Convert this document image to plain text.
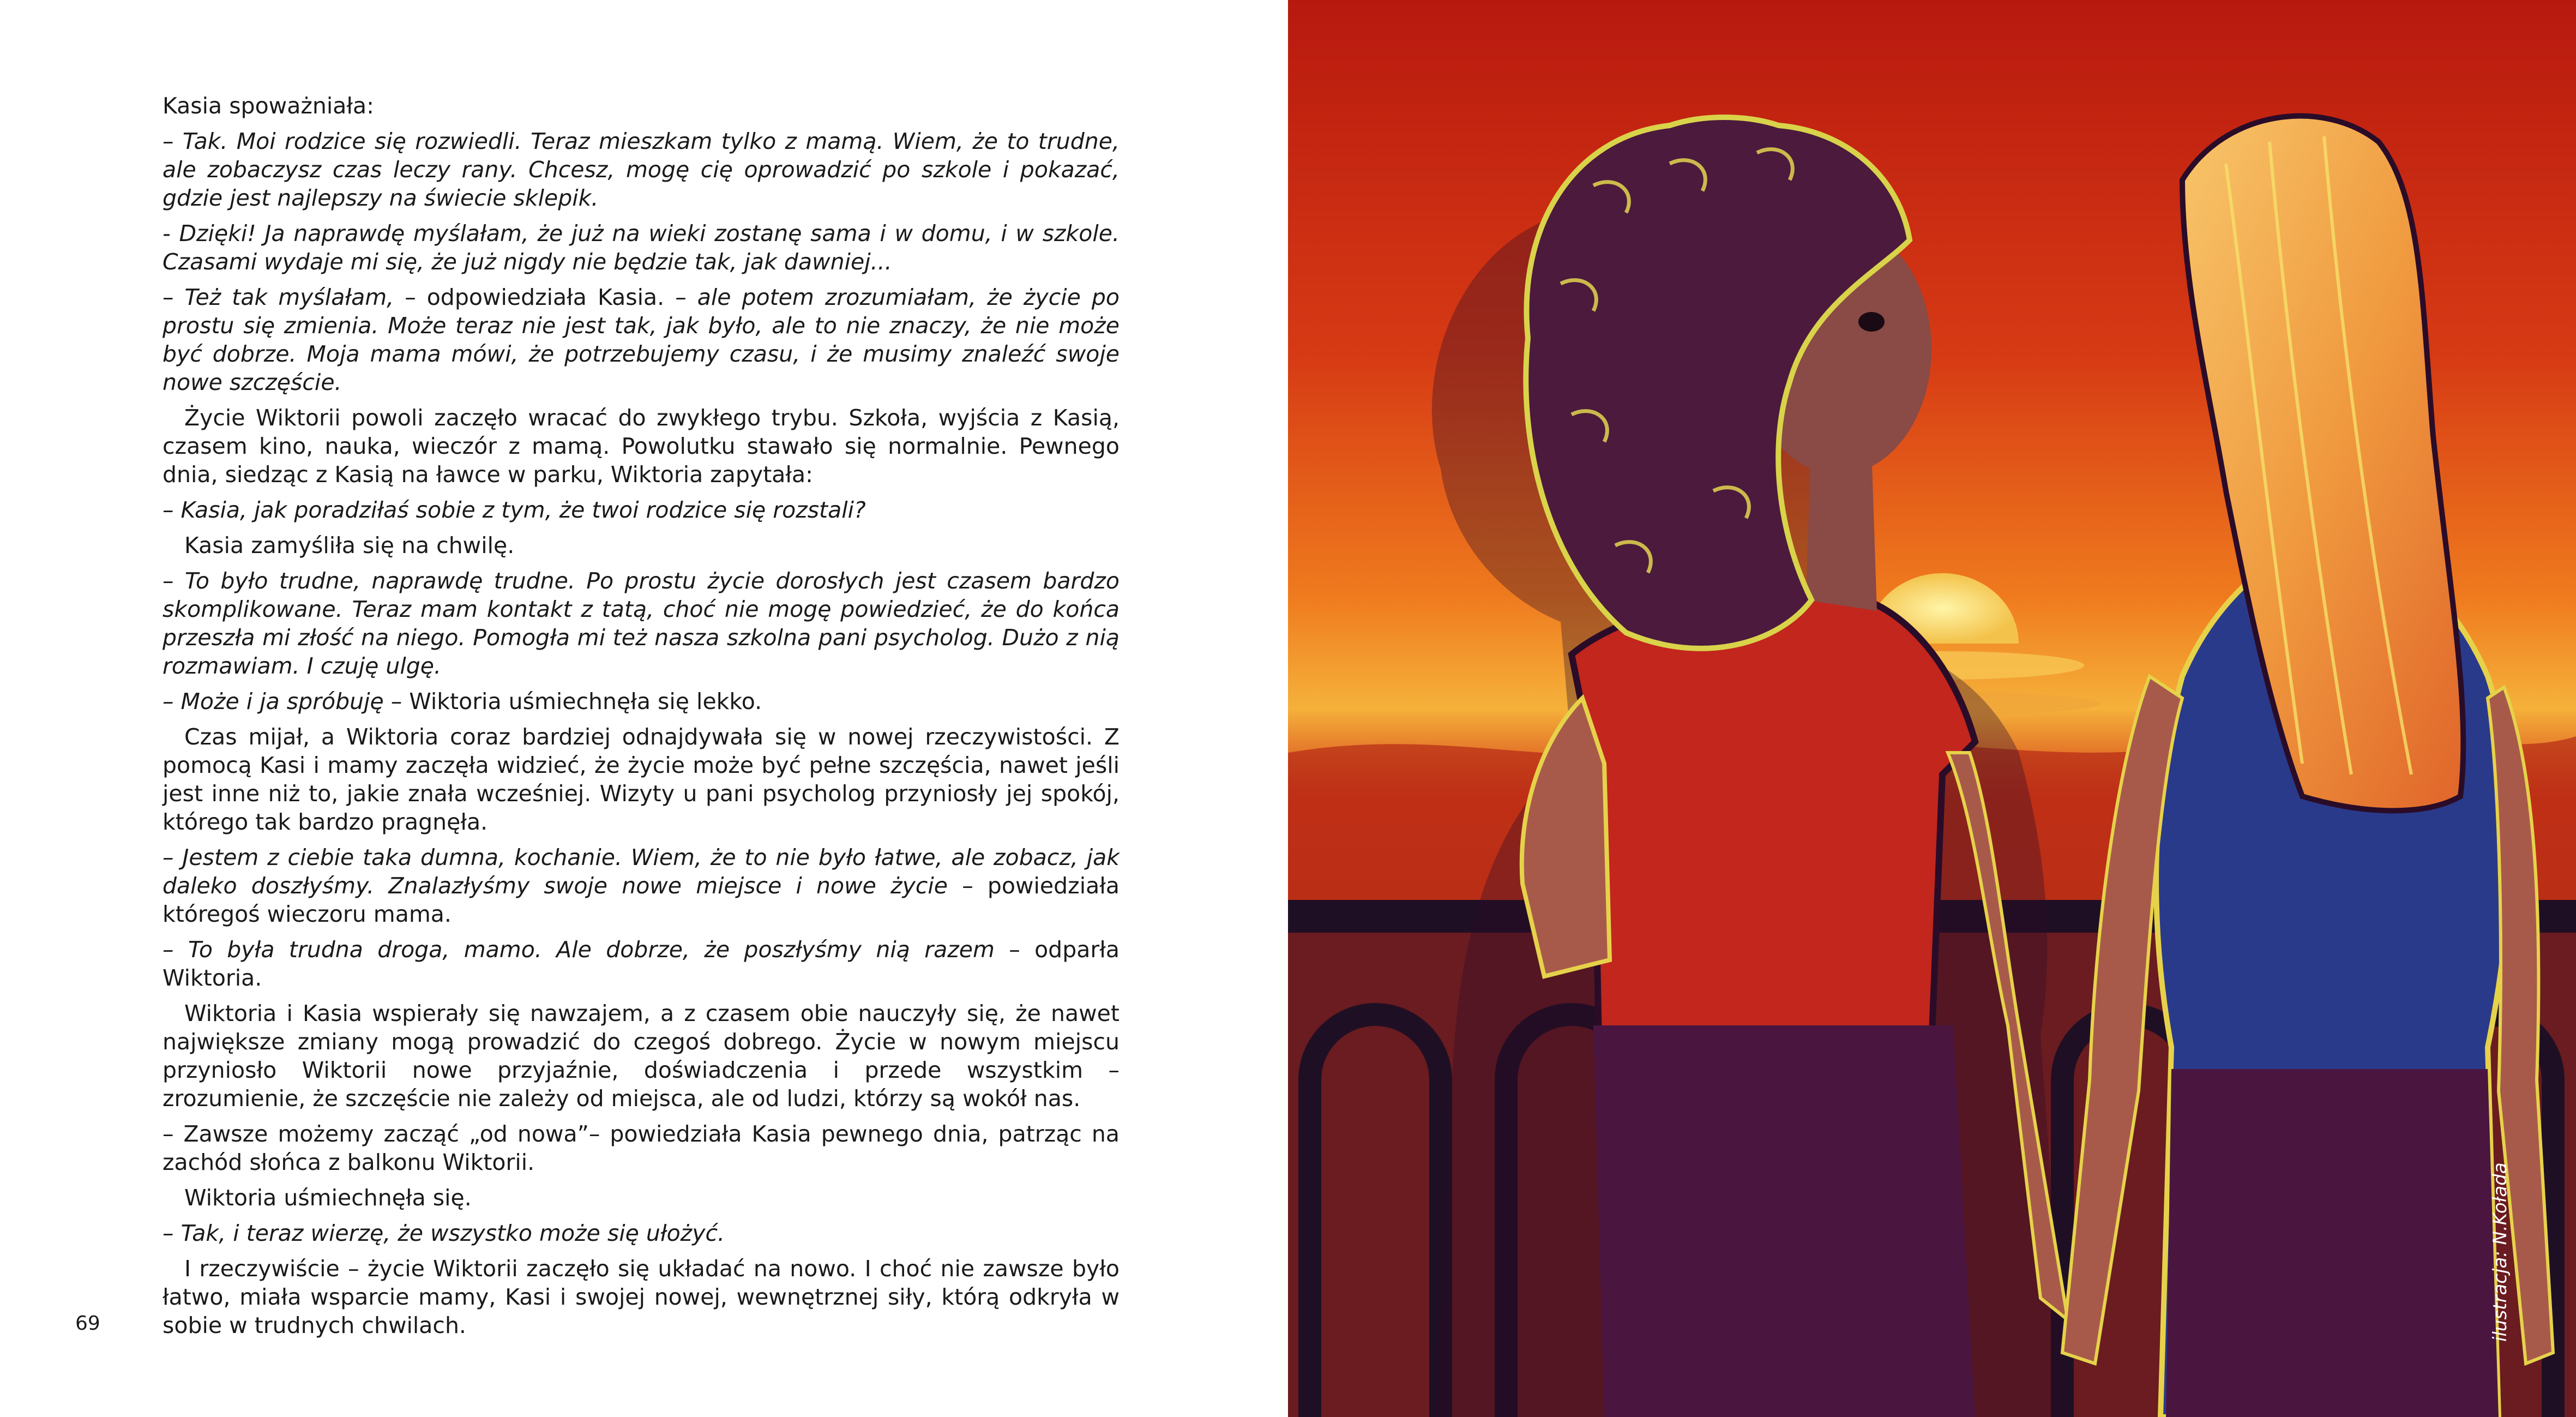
Kasia spoważniała:

– Tak. Moi rodzice się rozwiedli. Teraz mieszkam tylko z mamą. Wiem, że to trudne, ale zobaczysz czas leczy rany. Chcesz, mogę cię oprowadzić po szkole i pokazać, gdzie jest najlepszy na świecie sklepik.

- Dzięki! Ja naprawdę myślałam, że już na wieki zostanę sama i w domu, i w szkole. Czasami wydaje mi się, że już nigdy nie będzie tak, jak dawniej...

– Też tak myślałam, – odpowiedziała Kasia. – ale potem zrozumiałam, że życie po prostu się zmienia. Może teraz nie jest tak, jak było, ale to nie znaczy, że nie może być dobrze. Moja mama mówi, że potrzebujemy czasu, i że musimy znaleźć swoje nowe szczęście.

Życie Wiktorii powoli zaczęło wracać do zwykłego trybu. Szkoła, wyjścia z Kasią, czasem kino, nauka, wieczór z mamą. Powolutku stawało się normalnie. Pewnego dnia, siedząc z Kasią na ławce w parku, Wiktoria zapytała:

– Kasia, jak poradziłaś sobie z tym, że twoi rodzice się rozstali?

Kasia zamyśliła się na chwilę.

– To było trudne, naprawdę trudne. Po prostu życie dorosłych jest czasem bardzo skomplikowane. Teraz mam kontakt z tatą, choć nie mogę powiedzieć, że do końca przeszła mi złość na niego. Pomogła mi też nasza szkolna pani psycholog. Dużo z nią rozmawiam. I czuję ulgę.

– Może i ja spróbuję – Wiktoria uśmiechnęła się lekko.

Czas mijał, a Wiktoria coraz bardziej odnajdywała się w nowej rzeczywistości. Z pomocą Kasi i mamy zaczęła widzieć, że życie może być pełne szczęścia, nawet jeśli jest inne niż to, jakie znała wcześniej. Wizyty u pani psycholog przyniosły jej spokój, którego tak bardzo pragnęła.

– Jestem z ciebie taka dumna, kochanie. Wiem, że to nie było łatwe, ale zobacz, jak daleko doszłyśmy. Znalazłyśmy swoje nowe miejsce i nowe życie – powiedziała któregoś wieczoru mama.

– To była trudna droga, mamo. Ale dobrze, że poszłyśmy nią razem – odparła Wiktoria.

Wiktoria i Kasia wspierały się nawzajem, a z czasem obie nauczyły się, że nawet największe zmiany mogą prowadzić do czegoś dobrego. Życie w nowym miejscu przyniosło Wiktorii nowe przyjaźnie, doświadczenia i przede wszystkim – zrozumienie, że szczęście nie zależy od miejsca, ale od ludzi, którzy są wokół nas.

– Zawsze możemy zacząć „od nowa”– powiedziała Kasia pewnego dnia, patrząc na zachód słońca z balkonu Wiktorii.

Wiktoria uśmiechnęła się.

– Tak, i teraz wierzę, że wszystko może się ułożyć.

I rzeczywiście – życie Wiktorii zaczęło się układać na nowo. I choć nie zawsze było łatwo, miała wsparcie mamy, Kasi i swojej nowej, wewnętrznej siły, którą odkryła w sobie w trudnych chwilach.

69	ilustracja: N.Kołada
